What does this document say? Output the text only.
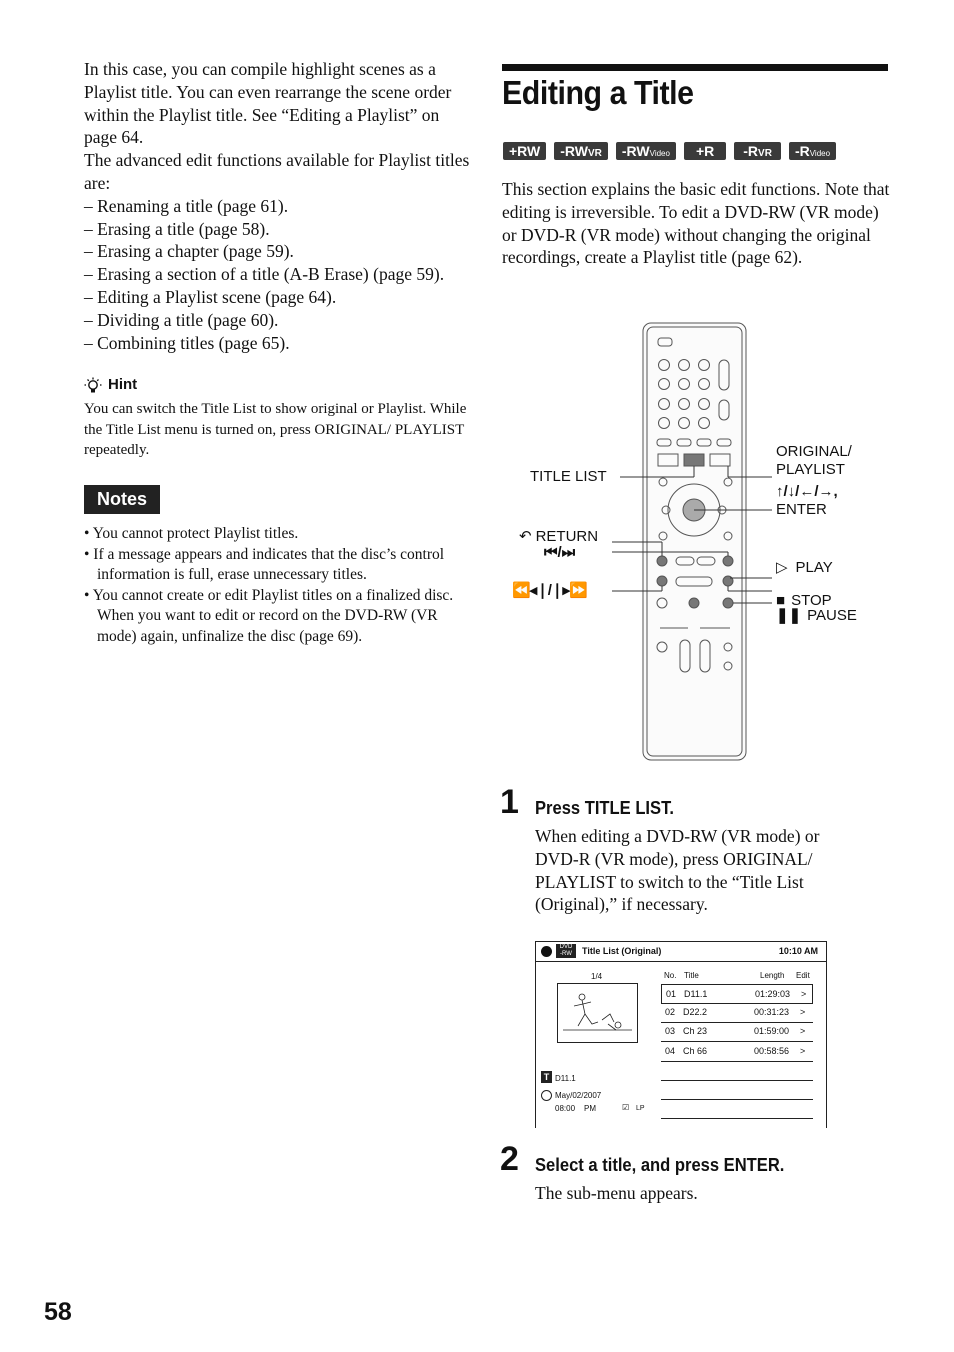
In this case, you can compile highlight scenes as a Playlist title. You can even rearrange the scene order within the Playlist title. See “Editing a Playlist” on page 64.

The advanced edit functions available for Playlist titles are:

– Renaming a title (page 61).

– Erasing a title (page 58).

– Erasing a chapter (page 59).

– Erasing a section of a title (A-B Erase) (page 59).

– Editing a Playlist scene (page 64).

– Dividing a title (page 60).

– Combining titles (page 65).

Hint
You can switch the Title List to show original or Playlist. While the Title List menu is turned on, press ORIGINAL/ PLAYLIST repeatedly.
Notes
• You cannot protect Playlist titles.
• If a message appears and indicates that the disc’s control information is full, erase unnecessary titles.
• You cannot create or edit Playlist titles on a finalized disc. When you want to edit or record on the DVD-RW (VR mode) again, unfinalize the disc (page 69).
Editing a Title
+RW	-RWVR	-RWVideo	+R	-RVR	-RVideo
This section explains the basic edit functions. Note that editing is irreversible. To edit a DVD-RW (VR mode) or DVD-R (VR mode) without changing the original recordings, create a Playlist title (page 62).
TITLE LIST
ORIGINAL/
PLAYLIST
↑/↓/←/→,
ENTER
↶ RETURN
⏮/⏭
⏪◂❘/❘▸⏩
▷ PLAY
■ STOP
❚❚ PAUSE
1 Press TITLE LIST.
When editing a DVD-RW (VR mode) or DVD-R (VR mode), press ORIGINAL/ PLAYLIST to switch to the “Title List (Original),” if necessary.
DVD
-RW	Title List (Original)	10:10 AM
1/4	No. Title	Length Edit
01 D11.1	01:29:03 >
02 D22.2	00:31:23 >
03 Ch 23	01:59:00 >
04 Ch 66	00:58:56 >
T D11.1
May/02/2007
08:00 PM	☑ LP
2 Select a title, and press ENTER.
The sub-menu appears.
58
